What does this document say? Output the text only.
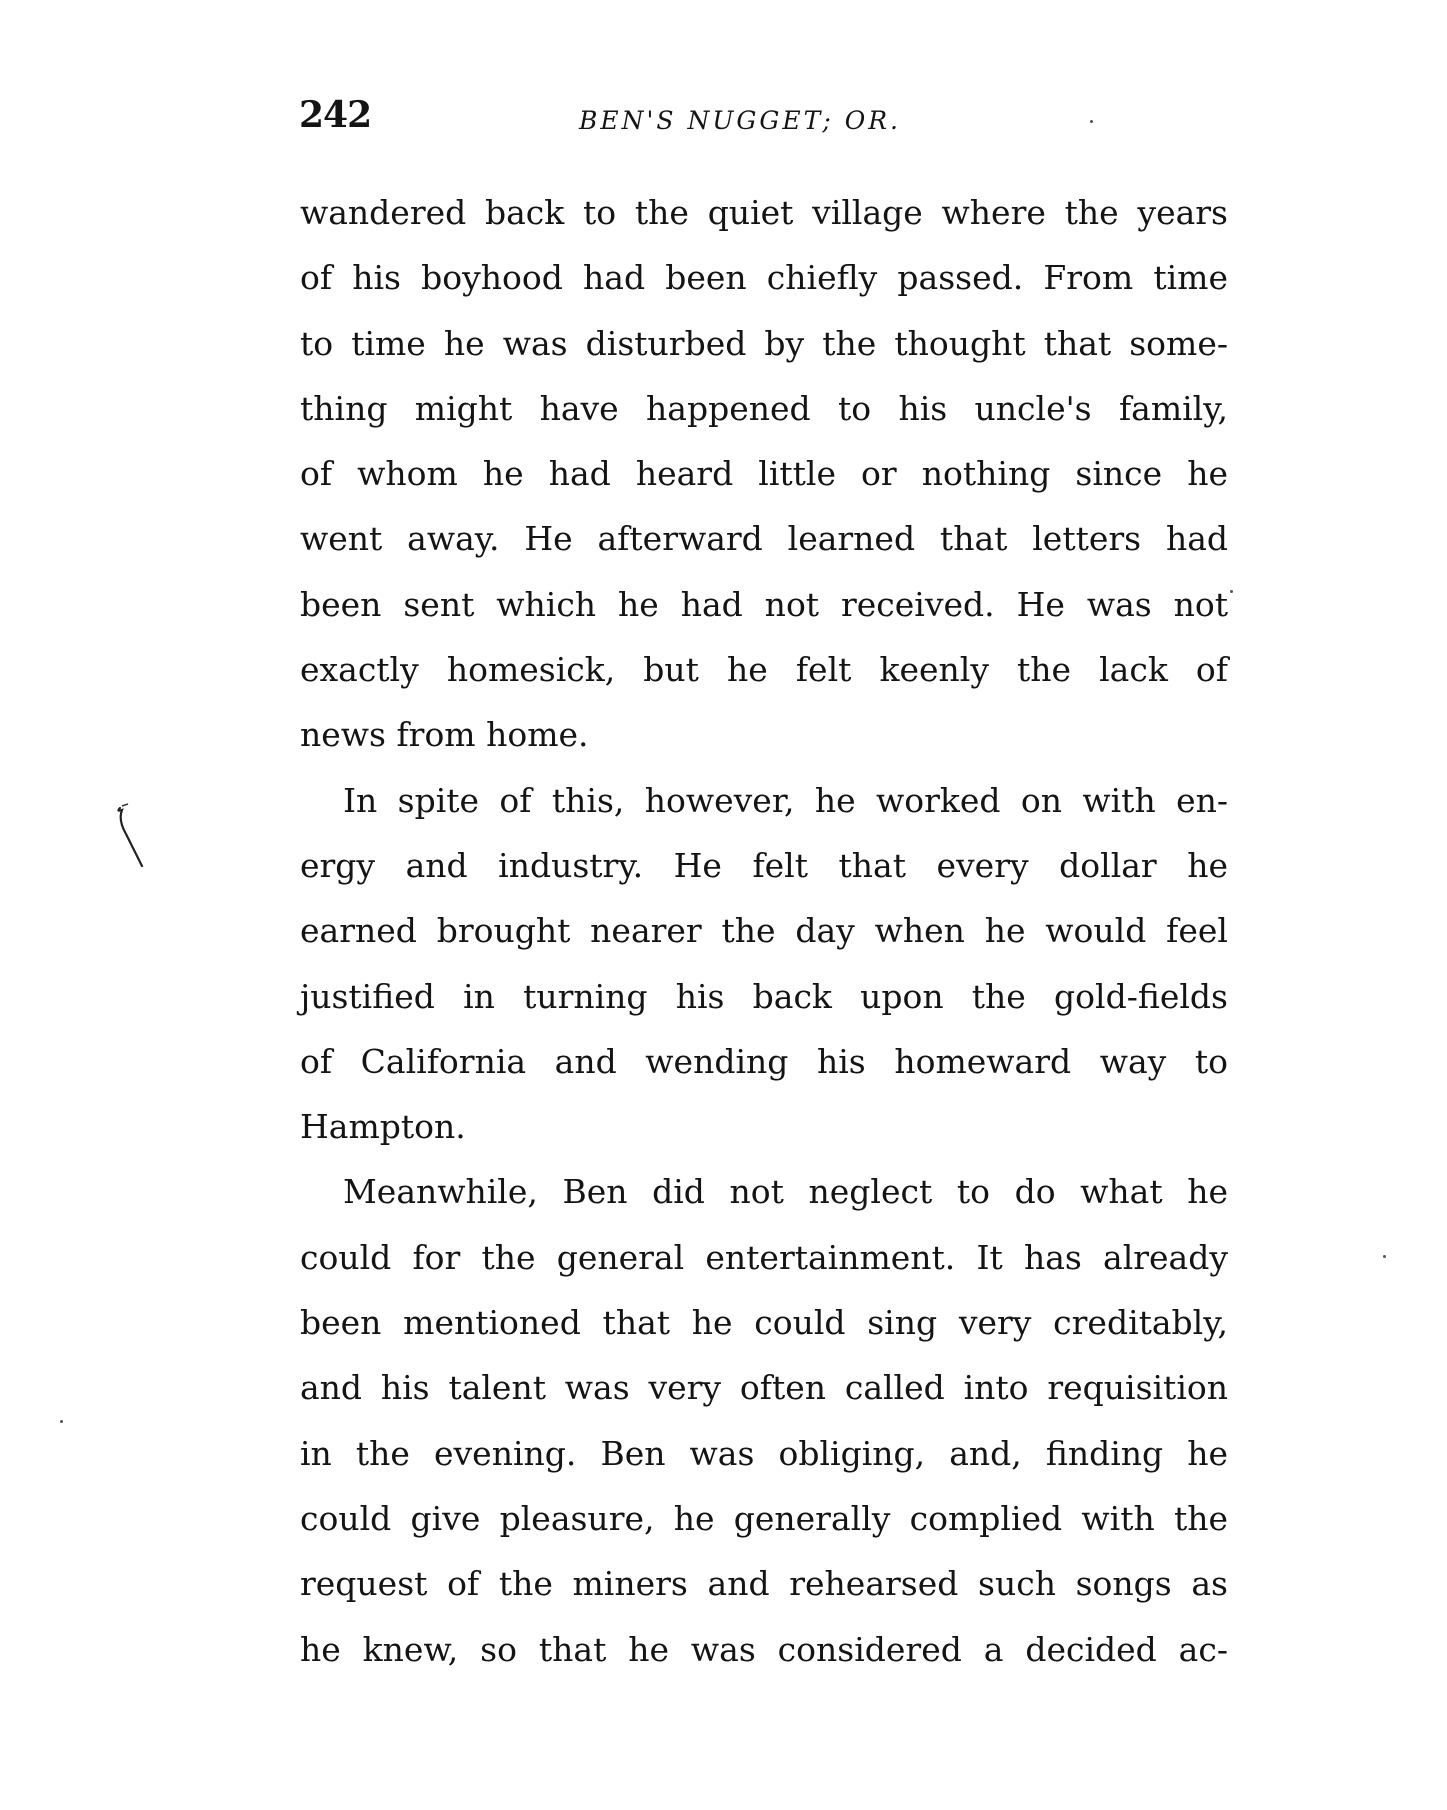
242	BEN'S NUGGET; OR.
wandered back to the quiet village where the years
of his boyhood had been chiefly passed. From time
to time he was disturbed by the thought that some-
thing might have happened to his uncle's family,
of whom he had heard little or nothing since he
went away. He afterward learned that letters had
been sent which he had not received. He was not
exactly homesick, but he felt keenly the lack of
news from home.
In spite of this, however, he worked on with en-
ergy and industry. He felt that every dollar he
earned brought nearer the day when he would feel
justified in turning his back upon the gold-fields
of California and wending his homeward way to
Hampton.
Meanwhile, Ben did not neglect to do what he
could for the general entertainment. It has already
been mentioned that he could sing very creditably,
and his talent was very often called into requisition
in the evening. Ben was obliging, and, finding he
could give pleasure, he generally complied with the
request of the miners and rehearsed such songs as
he knew, so that he was considered a decided ac-
